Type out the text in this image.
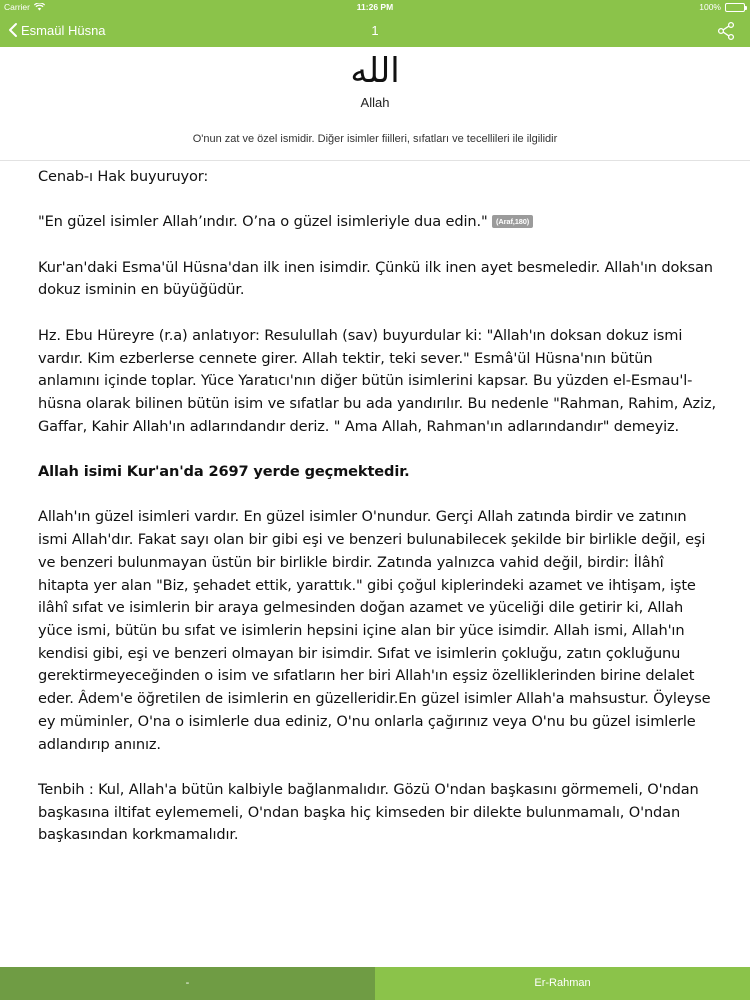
Carrier	11:26 PM	100%
Esmaül Hüsna	1
الله
Allah
O'nun zat ve özel ismidir. Diğer isimler fiilleri, sıfatları ve tecellileri ile ilgilidir

Cenab-ı Hak buyuruyor:

"En güzel isimler Allah’ındır. O’na o güzel isimleriyle dua edin." (Araf,180)

Kur'an'daki Esma'ül Hüsna'dan ilk inen isimdir. Çünkü ilk inen ayet besmeledir. Allah'ın doksan dokuz isminin en büyüğüdür.

Hz. Ebu Hüreyre (r.a) anlatıyor: Resulullah (sav) buyurdular ki: "Allah'ın doksan dokuz ismi vardır. Kim ezberlerse cennete girer. Allah tektir, teki sever." Esmâ'ül Hüsna'nın bütün anlamını içinde toplar. Yüce Yaratıcı'nın diğer bütün isimlerini kapsar. Bu yüzden el-Esmau'l-hüsna olarak bilinen bütün isim ve sıfatlar bu ada yandırılır. Bu nedenle "Rahman, Rahim, Aziz, Gaffar, Kahir Allah'ın adlarındandır deriz. " Ama Allah, Rahman'ın adlarındandır" demeyiz.

Allah isimi Kur'an'da 2697 yerde geçmektedir.

Allah'ın güzel isimleri vardır. En güzel isimler O'nundur. Gerçi Allah zatında birdir ve zatının ismi Allah'dır. Fakat sayı olan bir gibi eşi ve benzeri bulunabilecek şekilde bir birlikle değil, eşi ve benzeri bulunmayan üstün bir birlikle birdir. Zatında yalnızca vahid değil, birdir: İlâhî hitapta yer alan "Biz, şehadet ettik, yarattık." gibi çoğul kiplerindeki azamet ve ihtişam, işte ilâhî sıfat ve isimlerin bir araya gelmesinden doğan azamet ve yüceliği dile getirir ki, Allah yüce ismi, bütün bu sıfat ve isimlerin hepsini içine alan bir yüce isimdir. Allah ismi, Allah'ın kendisi gibi, eşi ve benzeri olmayan bir isimdir. Sıfat ve isimlerin çokluğu, zatın çokluğunu gerektirmeyeceğinden o isim ve sıfatların her biri Allah'ın eşsiz özelliklerinden birine delalet eder. Âdem'e öğretilen de isimlerin en güzelleridir.En güzel isimler Allah'a mahsustur. Öyleyse ey müminler, O'na o isimlerle dua ediniz, O'nu onlarla çağırınız veya O'nu bu güzel isimlerle adlandırıp anınız.

Tenbih : Kul, Allah'a bütün kalbiyle bağlanmalıdır. Gözü O'ndan başkasını görmemeli, O'ndan başkasına iltifat eylememeli, O'ndan başka hiç kimseden bir dilekte bulunmamalı, O'ndan başkasından korkmamalıdır.

-	Er-Rahman
